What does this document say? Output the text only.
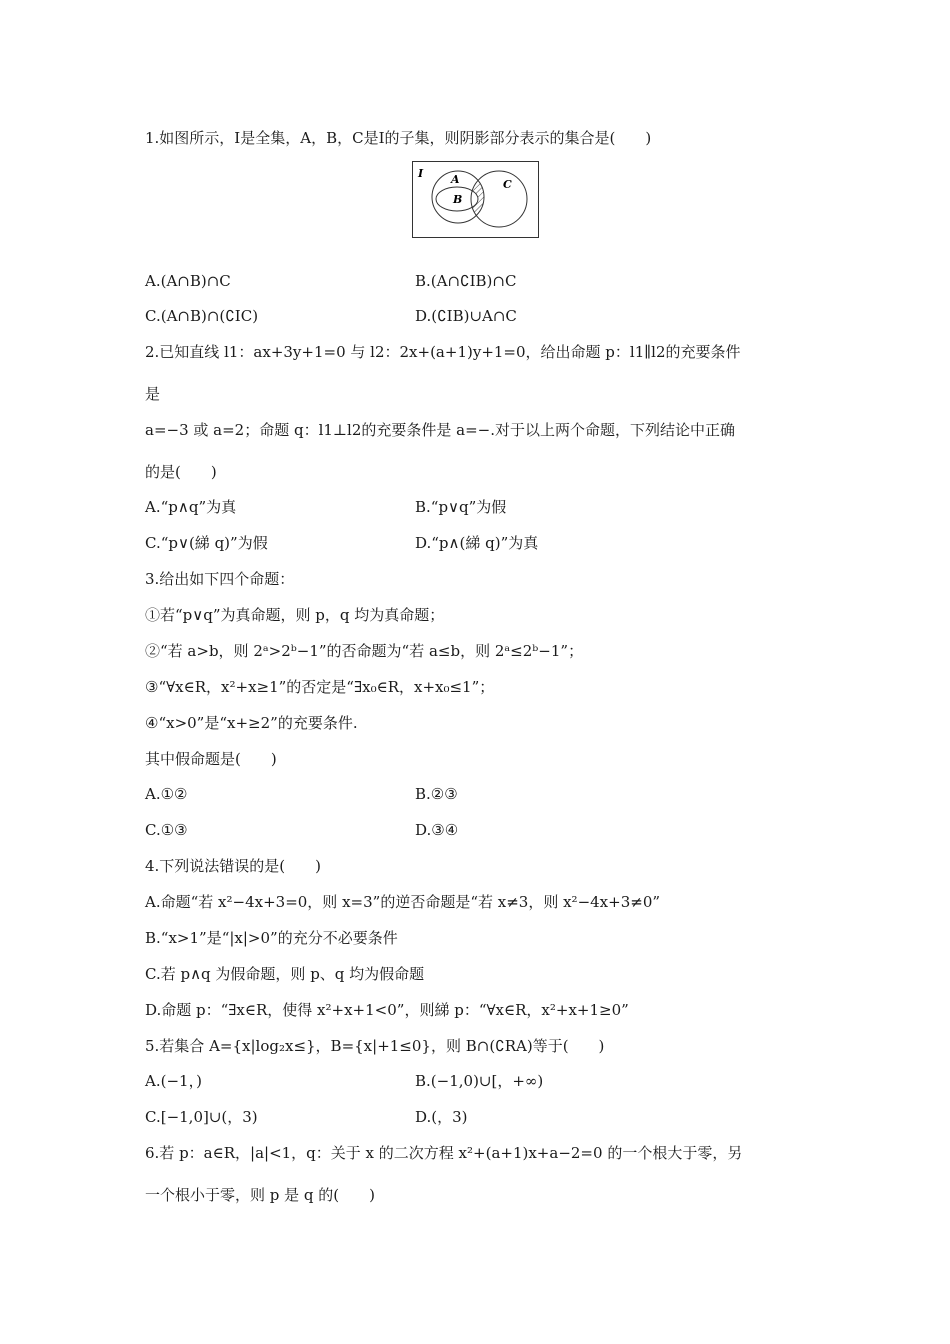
1.如图所示，I是全集，A，B，C是I的子集，则阴影部分表示的集合是(　　)
I	A
B
C
A.(A∩B)∩C	B.(A∩∁IB)∩C
C.(A∩B)∩(∁IC)	D.(∁IB)∪A∩C
2.已知直线 l1：ax+3y+1=0 与 l2：2x+(a+1)y+1=0，给出命题 p：l1∥l2的充要条件
是
a=−3 或 a=2；命题 q：l1⊥l2的充要条件是 a=−.对于以上两个命题，下列结论中正确
的是(　　)
A.“p∧q”为真	B.“p∨q”为假
C.“p∨(綈 q)”为假	D.“p∧(綈 q)”为真
3.给出如下四个命题：
①若“p∨q”为真命题，则 p，q 均为真命题；
②“若 a>b，则 2ᵃ>2ᵇ−1”的否命题为“若 a≤b，则 2ᵃ≤2ᵇ−1”；
③“∀x∈R，x²+x≥1”的否定是“∃x₀∈R，x+x₀≤1”；
④“x>0”是“x+≥2”的充要条件.
其中假命题是(　　)
A.①②	B.②③
C.①③	D.③④
4.下列说法错误的是(　　)
A.命题“若 x²−4x+3=0，则 x=3”的逆否命题是“若 x≠3，则 x²−4x+3≠0”
B.“x>1”是“|x|>0”的充分不必要条件
C.若 p∧q 为假命题，则 p、q 均为假命题
D.命题 p：“∃x∈R，使得 x²+x+1<0”，则綈 p：“∀x∈R，x²+x+1≥0”
5.若集合 A={x|log₂x≤}，B={x|+1≤0}，则 B∩(∁RA)等于(　　)
A.(−1，)	B.(−1,0)∪[，+∞)
C.[−1,0]∪(，3)	D.(，3)
6.若 p：a∈R，|a|<1，q：关于 x 的二次方程 x²+(a+1)x+a−2=0 的一个根大于零，另
一个根小于零，则 p 是 q 的(　　)
